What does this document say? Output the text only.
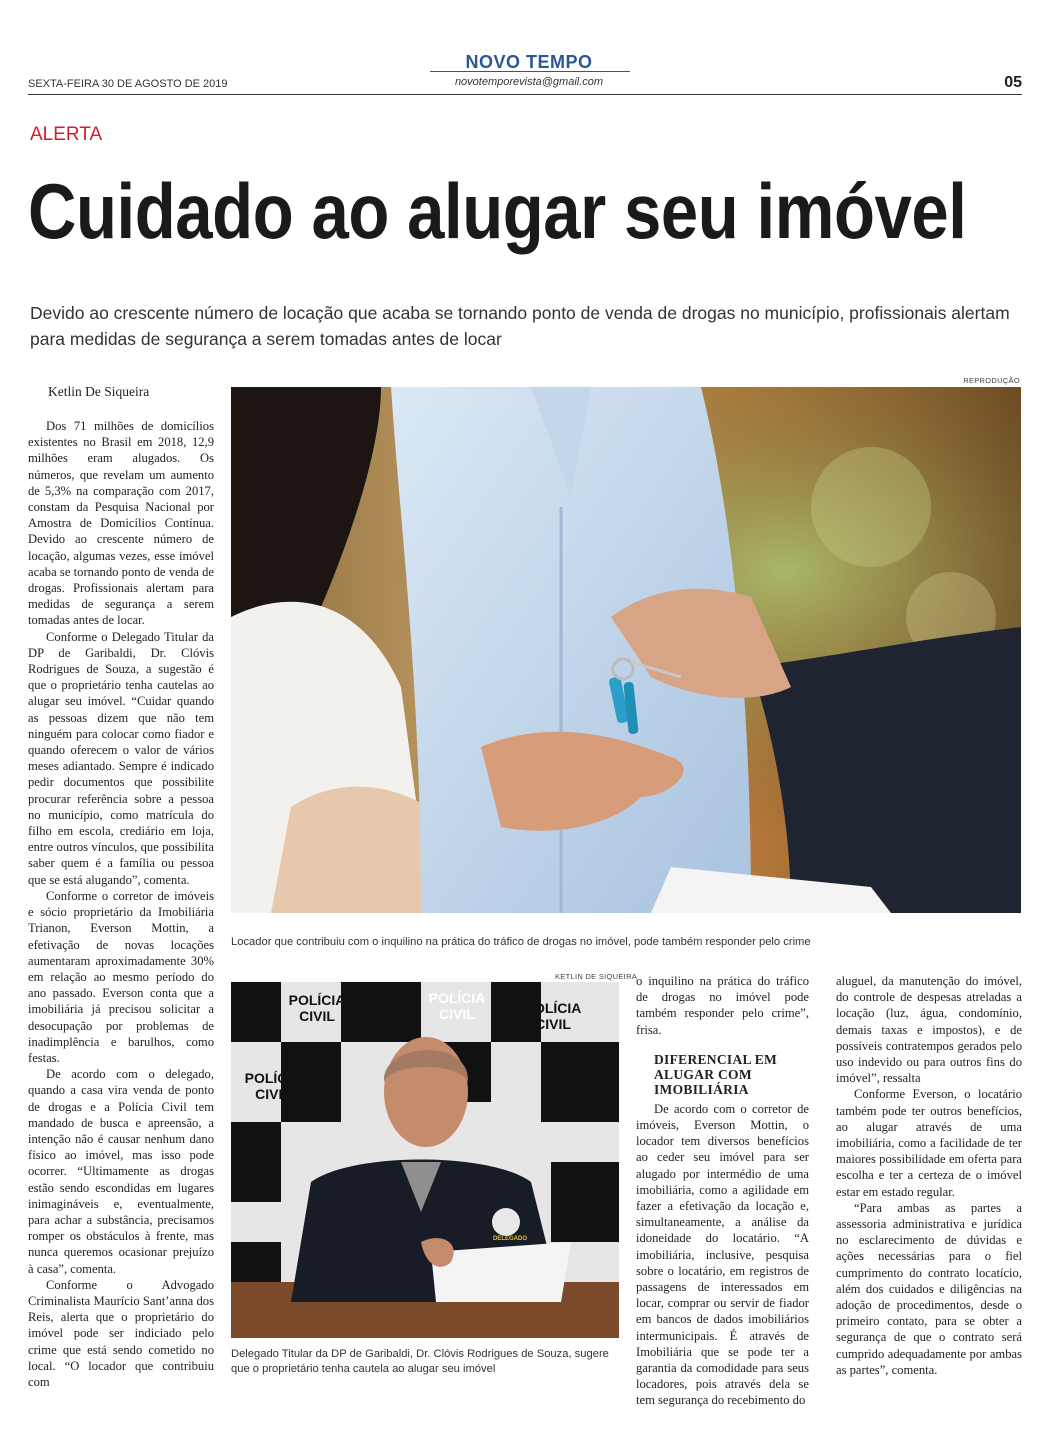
NOVO TEMPO
novotemporevista@gmail.com
SEXTA-FEIRA 30 DE AGOSTO DE 2019	05
ALERTA
Cuidado ao alugar seu imóvel
Devido ao crescente número de locação que acaba se tornando ponto de venda de drogas no município, profissionais alertam para medidas de segurança a serem tomadas antes de locar
Ketlin De Siqueira

Dos 71 milhões de domicílios existentes no Brasil em 2018, 12,9 milhões eram alugados. Os números, que revelam um aumento de 5,3% na comparação com 2017, constam da Pesquisa Nacional por Amostra de Domicílios Contínua. Devido ao crescente número de locação, algumas vezes, esse imóvel acaba se tornando ponto de venda de drogas. Profissionais alertam para medidas de segurança a serem tomadas antes de locar.

Conforme o Delegado Titular da DP de Garibaldi, Dr. Clóvis Rodrigues de Souza, a sugestão é que o proprietário tenha cautelas ao alugar seu imóvel. “Cuidar quando as pessoas dizem que não tem ninguém para colocar como fiador e quando oferecem o valor de vários meses adiantado. Sempre é indicado pedir documentos que possibilite procurar referência sobre a pessoa no município, como matrícula do filho em escola, crediário em loja, entre outros vínculos, que possibilita saber quem é a família ou pessoa que se está alugando”, comenta.

Conforme o corretor de imóveis e sócio proprietário da Imobiliária Trianon, Everson Mottin, a efetivação de novas locações aumentaram aproximadamente 30% em relação ao mesmo período do ano passado. Everson conta que a imobiliária já precisou solicitar a desocupação por problemas de inadimplência e barulhos, como festas.

De acordo com o delegado, quando a casa vira venda de ponto de drogas e a Polícia Civil tem mandado de busca e apreensão, a intenção não é causar nenhum dano físico ao imóvel, mas isso pode ocorrer. “Ultimamente as drogas estão sendo escondidas em lugares inimagináveis e, eventualmente, para achar a substância, precisamos romper os obstáculos à frente, mas nunca queremos ocasionar prejuízo à casa”, comenta.

Conforme o Advogado Criminalista Maurício Sant’anna dos Reis, alerta que o proprietário do imóvel pode ser indiciado pelo crime que está sendo cometido no local. “O locador que contribuiu com

REPRODUÇÃO
Locador que contribuiu com o inquilino na prática do tráfico de drogas no imóvel, pode também responder pelo crime
KETLIN DE SIQUEIRA
POLÍCIA CIVIL
POLÍCIA CIVIL	POLÍCIA CIVIL
POLÍCIA CIVIL
DELEGADO
Delegado Titular da DP de Garibaldi, Dr. Clóvis Rodrigues de Souza, sugere que o proprietário tenha cautela ao alugar seu imóvel

o inquilino na prática do tráfico de drogas no imóvel pode também responder pelo crime”, frisa.

DIFERENCIAL EM ALUGAR COM IMOBILIÁRIA

De acordo com o corretor de imóveis, Everson Mottin, o locador tem diversos benefícios ao ceder seu imóvel para ser alugado por intermédio de uma imobiliária, como a agilidade em fazer a efetivação da locação e, simultaneamente, a análise da idoneidade do locatário. “A imobiliária, inclusive, pesquisa sobre o locatário, em registros de passagens de interessados em locar, comprar ou servir de fiador em bancos de dados imobiliários intermunicipais. É através de Imobiliária que se pode ter a garantia da comodidade para seus locadores, pois através dela se tem segurança do recebimento do

aluguel, da manutenção do imóvel, do controle de despesas atreladas a locação (luz, água, condomínio, demais taxas e impostos), e de possíveis contratempos gerados pelo uso indevido ou para outros fins do imóvel”, ressalta

Conforme Everson, o locatário também pode ter outros benefícios, ao alugar através de uma imobiliária, como a facilidade de ter maiores possibilidade em oferta para escolha e ter a certeza de o imóvel estar em estado regular.

“Para ambas as partes a assessoria administrativa e jurídica no esclarecimento de dúvidas e ações necessárias para o fiel cumprimento do contrato locatício, além dos cuidados e diligências na adoção de procedimentos, desde o primeiro contato, para se obter a segurança de que o contrato será cumprido adequadamente por ambas as partes”, comenta.
